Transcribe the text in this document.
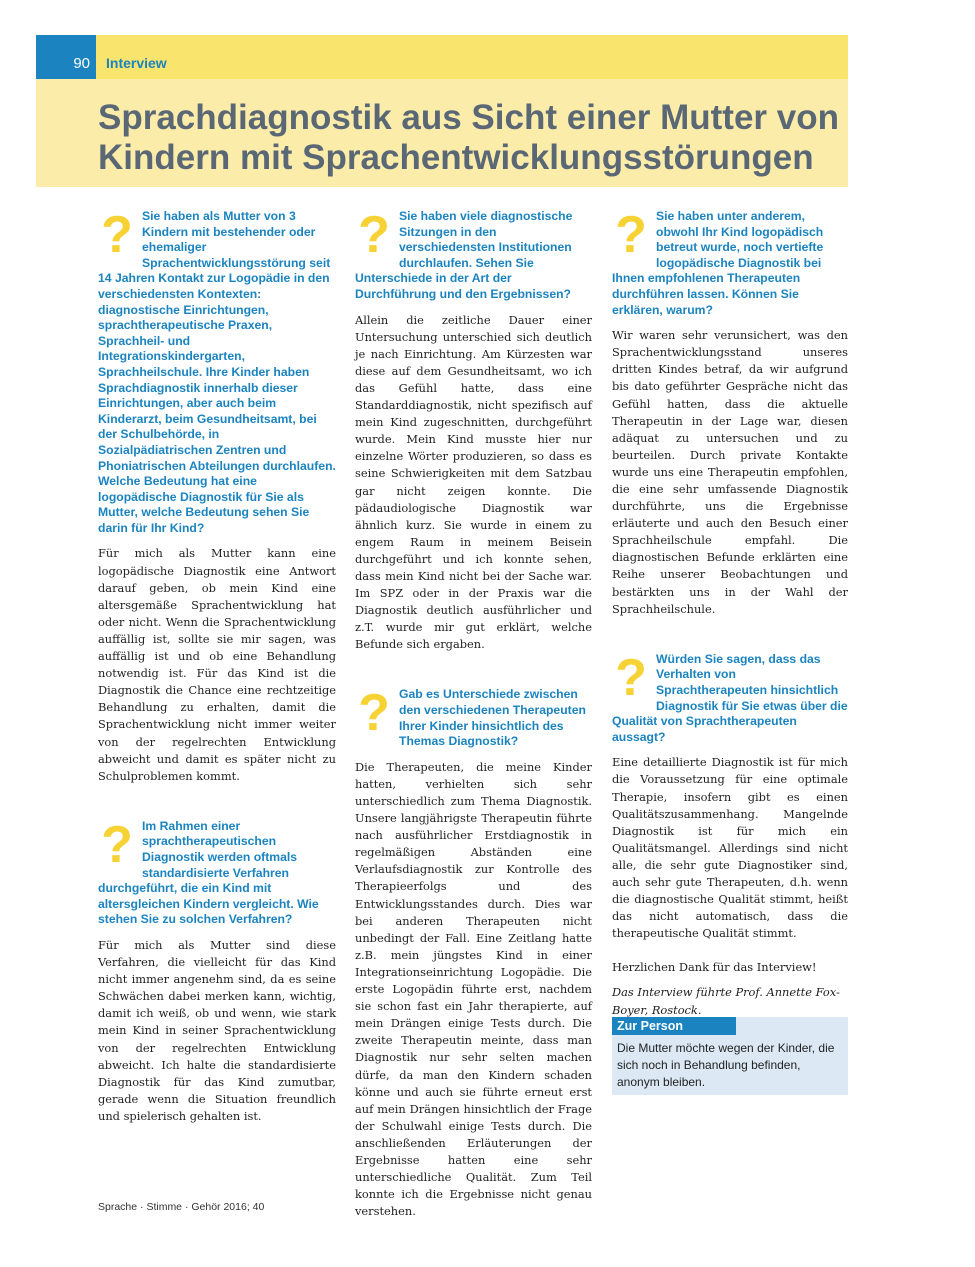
90	Interview
Sprachdiagnostik aus Sicht einer Mutter von Kindern mit Sprachentwicklungsstörungen
? Sie haben als Mutter von 3 Kindern mit bestehender oder ehemaliger Sprachentwicklungsstörung seit 14 Jahren Kontakt zur Logopädie in den verschiedensten Kontexten: diagnostische Einrichtungen, sprachtherapeutische Praxen, Sprachheil- und Integrationskindergarten, Sprachheilschule. Ihre Kinder haben Sprachdiagnostik innerhalb dieser Einrichtungen, aber auch beim Kinderarzt, beim Gesundheitsamt, bei der Schulbehörde, in Sozialpädiatrischen Zentren und Phoniatrischen Abteilungen durchlaufen. Welche Bedeutung hat eine logopädische Diagnostik für Sie als Mutter, welche Bedeutung sehen Sie darin für Ihr Kind?

Für mich als Mutter kann eine logopädische Diagnostik eine Antwort darauf geben, ob mein Kind eine altersgemäße Sprachentwicklung hat oder nicht. Wenn die Sprachentwicklung auffällig ist, sollte sie mir sagen, was auffällig ist und ob eine Behandlung notwendig ist. Für das Kind ist die Diagnostik die Chance eine rechtzeitige Behandlung zu erhalten, damit die Sprachentwicklung nicht immer weiter von der regelrechten Entwicklung abweicht und damit es später nicht zu Schulproblemen kommt.

? Im Rahmen einer sprachtherapeutischen Diagnostik werden oftmals standardisierte Verfahren durchgeführt, die ein Kind mit altersgleichen Kindern vergleicht. Wie stehen Sie zu solchen Verfahren?

Für mich als Mutter sind diese Verfahren, die vielleicht für das Kind nicht immer angenehm sind, da es seine Schwächen dabei merken kann, wichtig, damit ich weiß, ob und wenn, wie stark mein Kind in seiner Sprachentwicklung von der regelrechten Entwicklung abweicht. Ich halte die standardisierte Diagnostik für das Kind zumutbar, gerade wenn die Situation freundlich und spielerisch gehalten ist.

? Sie haben viele diagnostische Sitzungen in den verschiedensten Institutionen durchlaufen. Sehen Sie Unterschiede in der Art der Durchführung und den Ergebnissen?

Allein die zeitliche Dauer einer Untersuchung unterschied sich deutlich je nach Einrichtung. Am Kürzesten war diese auf dem Gesundheitsamt, wo ich das Gefühl hatte, dass eine Standarddiagnostik, nicht spezifisch auf mein Kind zugeschnitten, durchgeführt wurde. Mein Kind musste hier nur einzelne Wörter produzieren, so dass es seine Schwierigkeiten mit dem Satzbau gar nicht zeigen konnte. Die pädaudiologische Diagnostik war ähnlich kurz. Sie wurde in einem zu engem Raum in meinem Beisein durchgeführt und ich konnte sehen, dass mein Kind nicht bei der Sache war. Im SPZ oder in der Praxis war die Diagnostik deutlich ausführlicher und z.T. wurde mir gut erklärt, welche Befunde sich ergaben.

? Gab es Unterschiede zwischen den verschiedenen Therapeuten Ihrer Kinder hinsichtlich des Themas Diagnostik?

Die Therapeuten, die meine Kinder hatten, verhielten sich sehr unterschiedlich zum Thema Diagnostik. Unsere langjährigste Therapeutin führte nach ausführlicher Erstdiagnostik in regelmäßigen Abständen eine Verlaufsdiagnostik zur Kontrolle des Therapieerfolgs und des Entwicklungsstandes durch. Dies war bei anderen Therapeuten nicht unbedingt der Fall. Eine Zeitlang hatte z.B. mein jüngstes Kind in einer Integrationseinrichtung Logopädie. Die erste Logopädin führte erst, nachdem sie schon fast ein Jahr therapierte, auf mein Drängen einige Tests durch. Die zweite Therapeutin meinte, dass man Diagnostik nur sehr selten machen dürfe, da man den Kindern schaden könne und auch sie führte erneut erst auf mein Drängen hinsichtlich der Frage der Schulwahl einige Tests durch. Die anschließenden Erläuterungen der Ergebnisse hatten eine sehr unterschiedliche Qualität. Zum Teil konnte ich die Ergebnisse nicht genau verstehen.

? Sie haben unter anderem, obwohl Ihr Kind logopädisch betreut wurde, noch vertiefte logopädische Diagnostik bei Ihnen empfohlenen Therapeuten durchführen lassen. Können Sie erklären, warum?

Wir waren sehr verunsichert, was den Sprachentwicklungsstand unseres dritten Kindes betraf, da wir aufgrund bis dato geführter Gespräche nicht das Gefühl hatten, dass die aktuelle Therapeutin in der Lage war, diesen adäquat zu untersuchen und zu beurteilen. Durch private Kontakte wurde uns eine Therapeutin empfohlen, die eine sehr umfassende Diagnostik durchführte, uns die Ergebnisse erläuterte und auch den Besuch einer Sprachheilschule empfahl. Die diagnostischen Befunde erklärten eine Reihe unserer Beobachtungen und bestärkten uns in der Wahl der Sprachheilschule.

? Würden Sie sagen, dass das Verhalten von Sprachtherapeuten hinsichtlich Diagnostik für Sie etwas über die Qualität von Sprachtherapeuten aussagt?

Eine detaillierte Diagnostik ist für mich die Voraussetzung für eine optimale Therapie, insofern gibt es einen Qualitätszusammenhang. Mangelnde Diagnostik ist für mich ein Qualitätsmangel. Allerdings sind nicht alle, die sehr gute Diagnostiker sind, auch sehr gute Therapeuten, d.h. wenn die diagnostische Qualität stimmt, heißt das nicht automatisch, dass die therapeutische Qualität stimmt.

Herzlichen Dank für das Interview!

Das Interview führte Prof. Annette Fox-Boyer, Rostock.

Zur Person

Die Mutter möchte wegen der Kinder, die sich noch in Behandlung befinden, anonym bleiben.

Sprache · Stimme · Gehör 2016; 40
